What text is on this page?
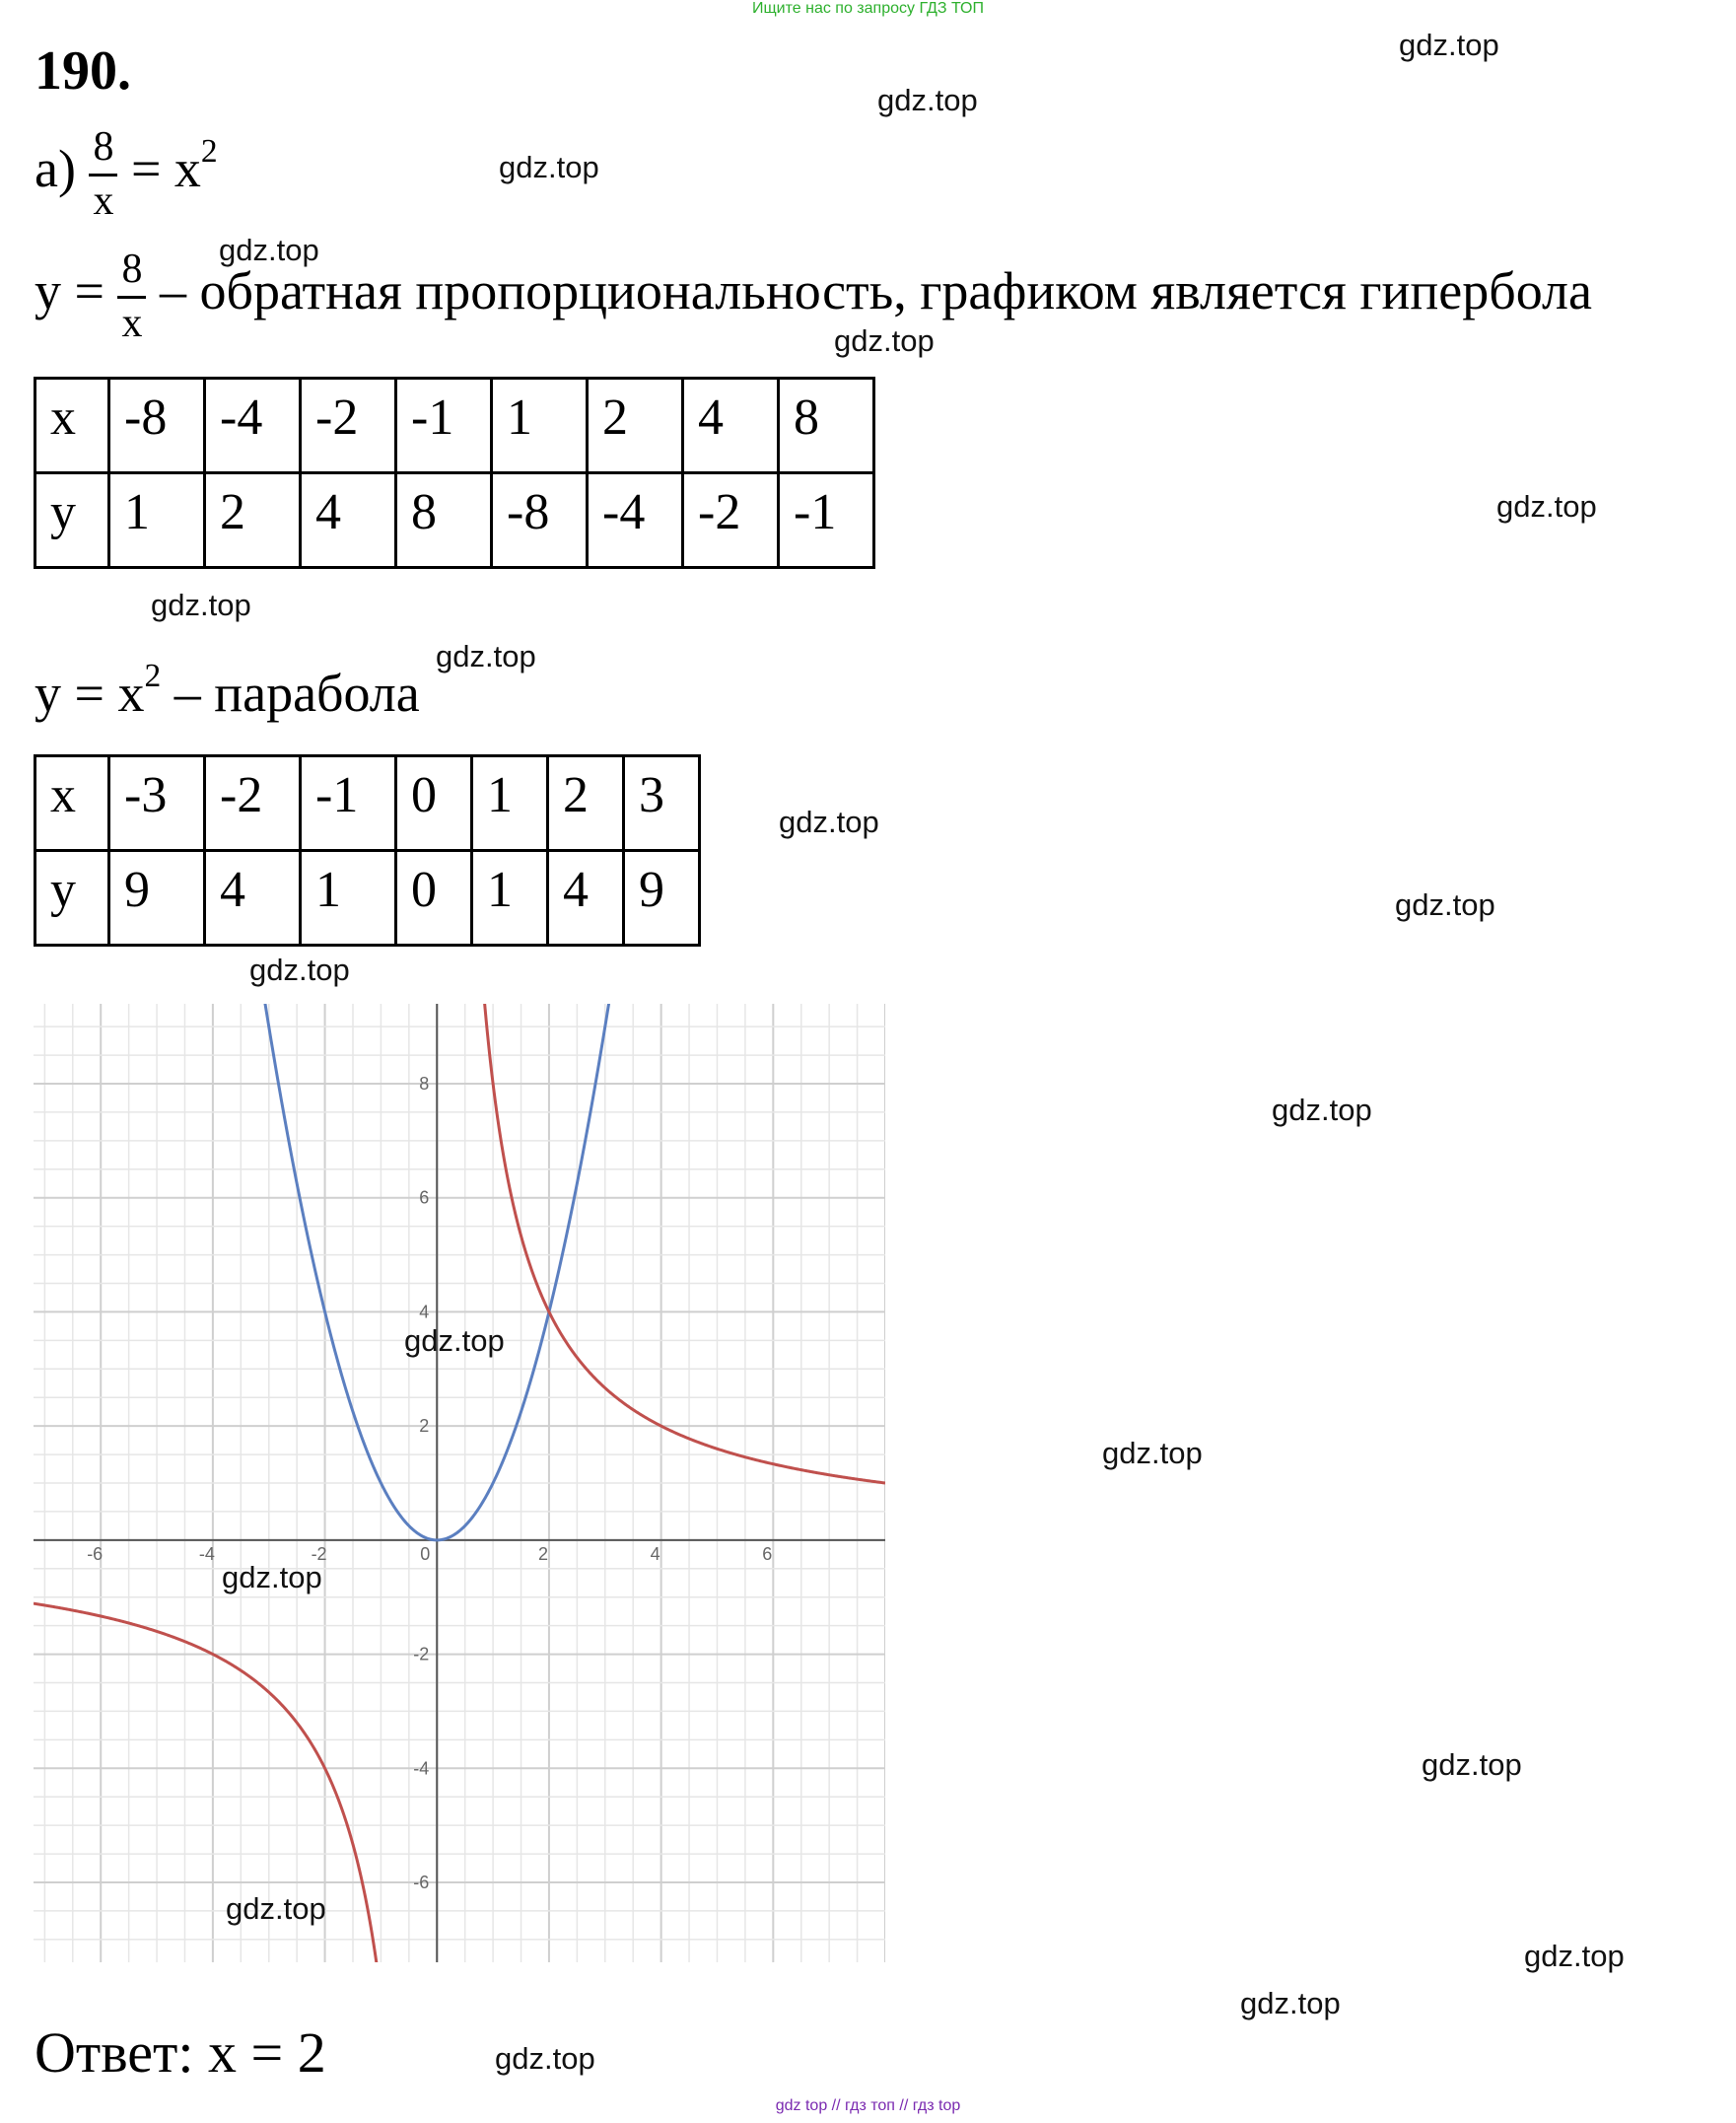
Ищите нас по запросу ГДЗ ТОП
gdz top // гдз топ // гдз top
190.
$а) \frac{8}{x} = x^2$
$y = \frac{8}{x}$ – обратная пропорциональность, графиком является гипербола
x	-8	-4	-2	-1	1	2	4	8
y	1	2	4	8	-8	-4	-2	-1
$y = x^2$ – парабола
x	-3	-2	-1	0	1	2	3
y	9	4	1	0	1	4	9
-6	-4	-2	0	2	4	6
-6
-4
-2
2
4
6
8
Ответ: x = 2
gdz.top
gdz.top
gdz.top
gdz.top
gdz.top
gdz.top
gdz.top
gdz.top
gdz.top
gdz.top
gdz.top
gdz.top
gdz.top
gdz.top
gdz.top
gdz.top
gdz.top
gdz.top
gdz.top
gdz.top
